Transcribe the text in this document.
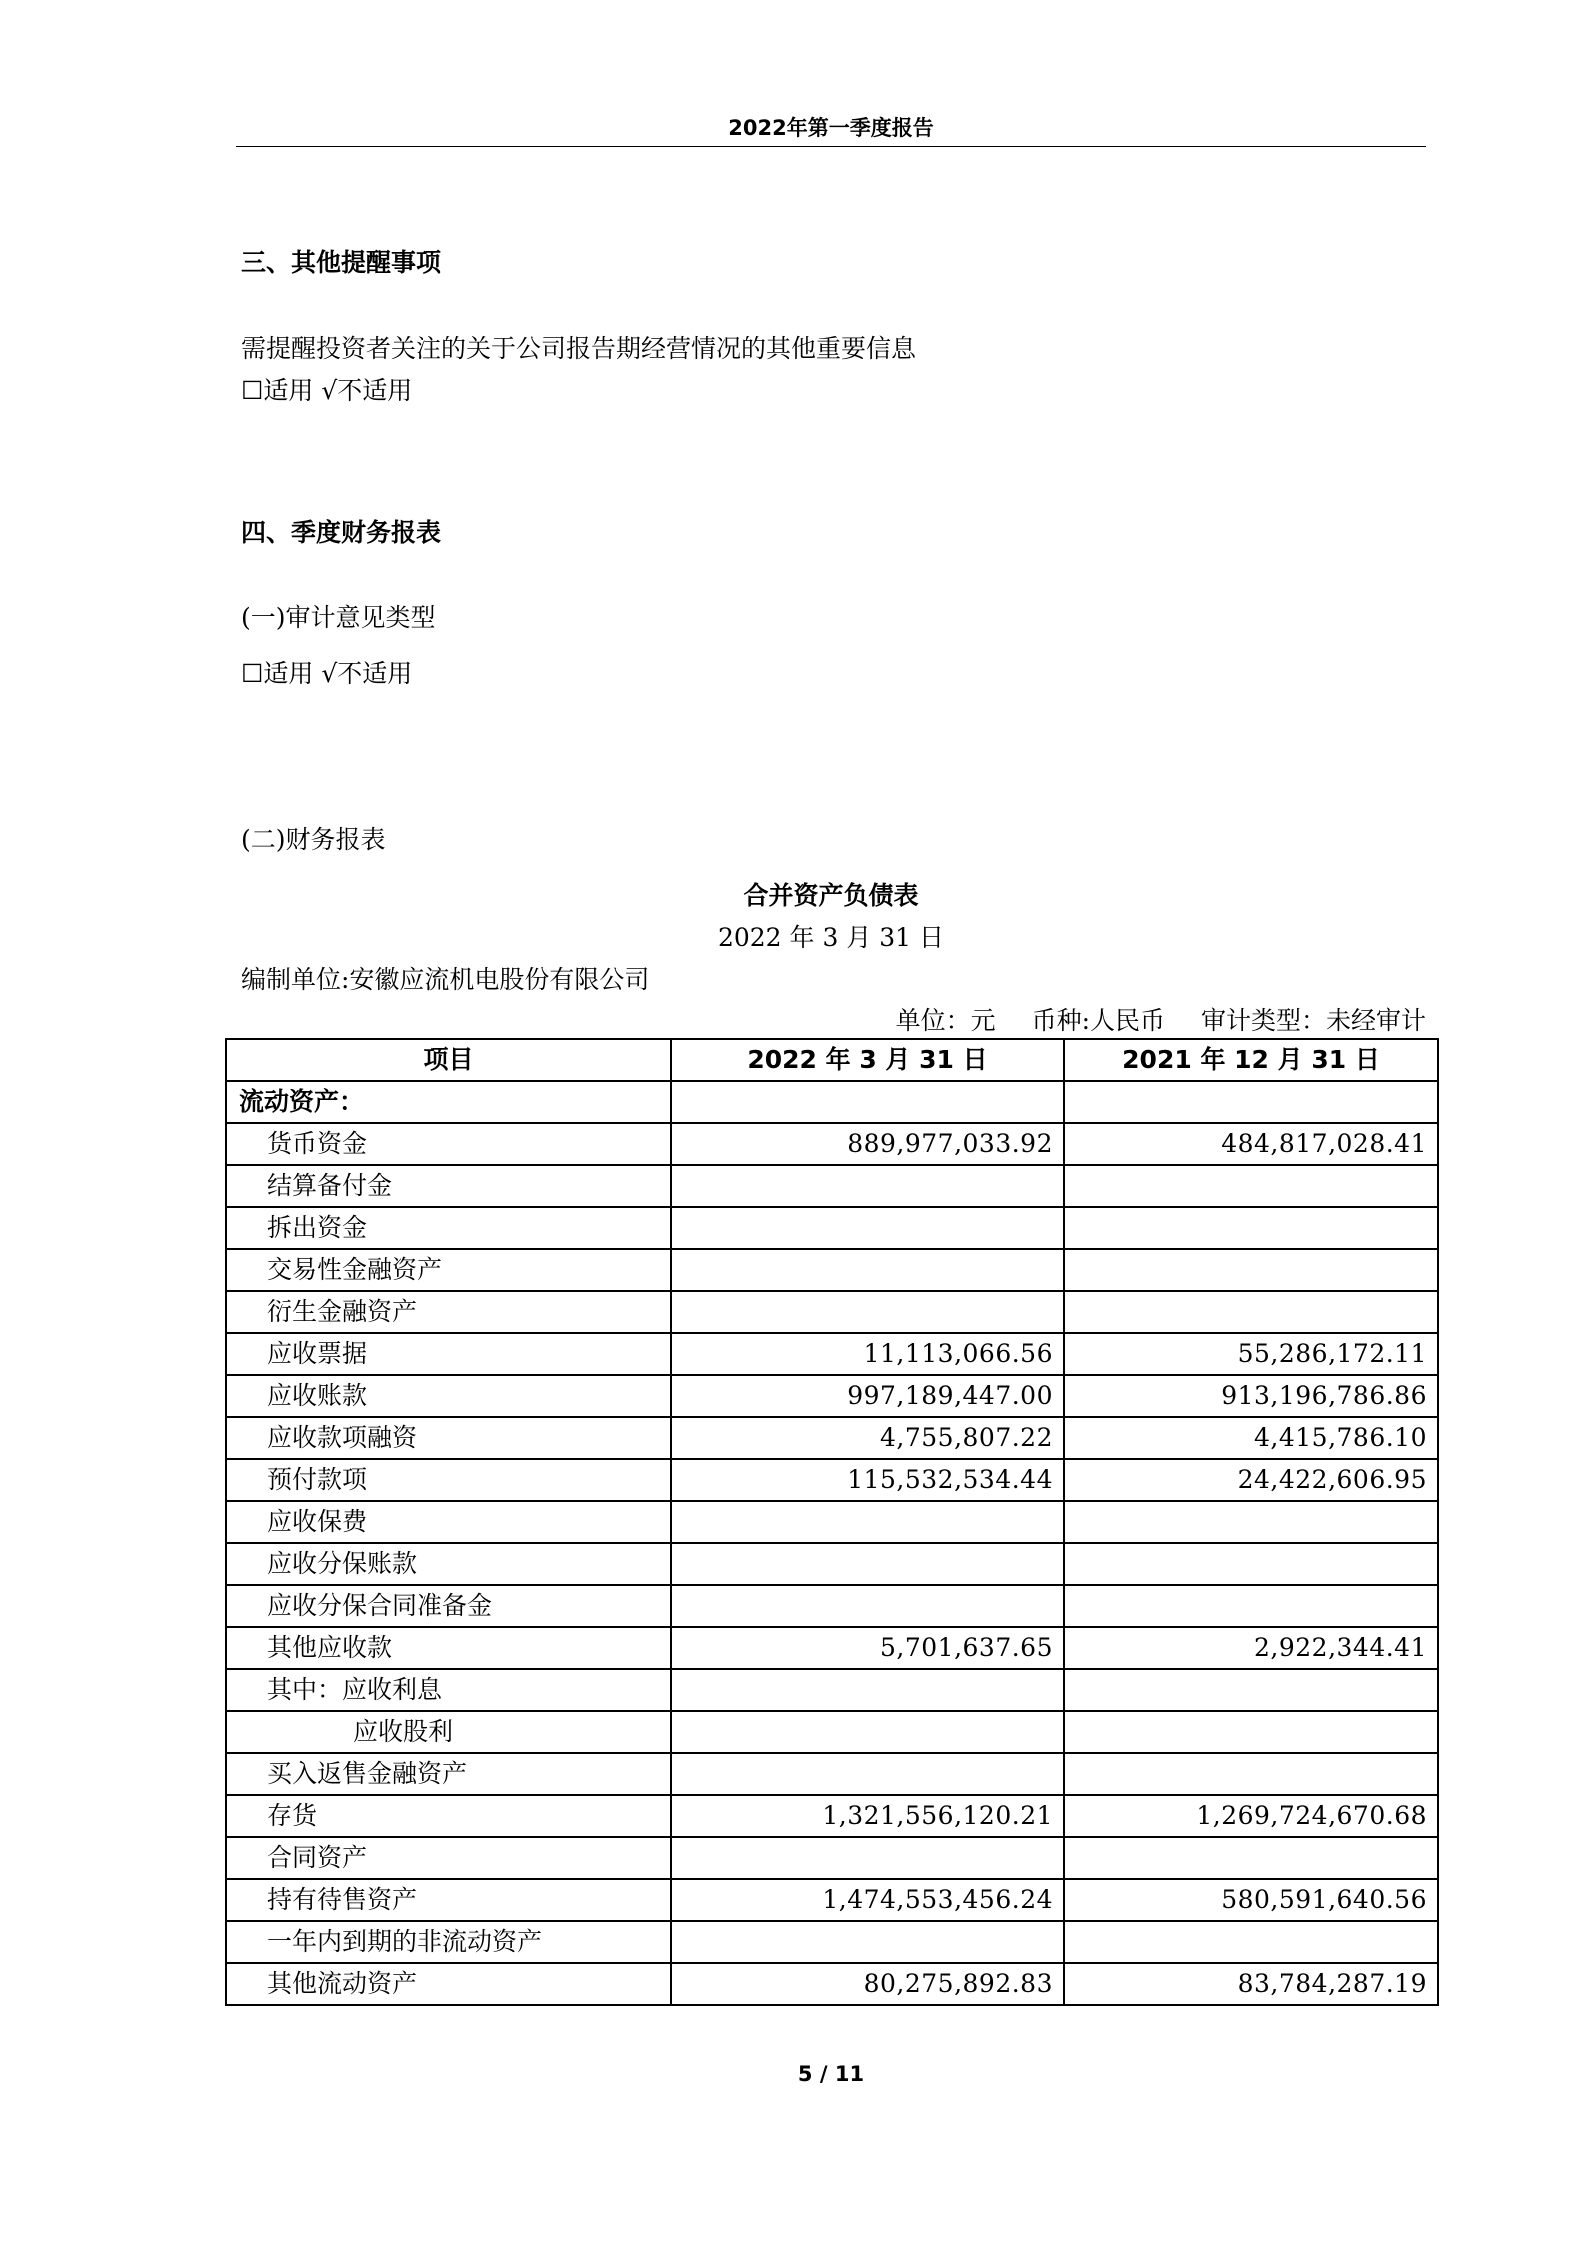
2022年第一季度报告
三、其他提醒事项
需提醒投资者关注的关于公司报告期经营情况的其他重要信息
☐适用 √不适用
四、季度财务报表
(一)审计意见类型
☐适用 √不适用
(二)财务报表
合并资产负债表
2022 年 3 月 31 日
编制单位:安徽应流机电股份有限公司
单位：元 币种:人民币 审计类型：未经审计
项目	2022 年 3 月 31 日	2021 年 12 月 31 日
流动资产：		
货币资金	889,977,033.92	484,817,028.41
结算备付金		
拆出资金		
交易性金融资产		
衍生金融资产		
应收票据	11,113,066.56	55,286,172.11
应收账款	997,189,447.00	913,196,786.86
应收款项融资	4,755,807.22	4,415,786.10
预付款项	115,532,534.44	24,422,606.95
应收保费		
应收分保账款		
应收分保合同准备金		
其他应收款	5,701,637.65	2,922,344.41
其中：应收利息		
应收股利		
买入返售金融资产		
存货	1,321,556,120.21	1,269,724,670.68
合同资产		
持有待售资产	1,474,553,456.24	580,591,640.56
一年内到期的非流动资产		
其他流动资产	80,275,892.83	83,784,287.19
5 / 11
